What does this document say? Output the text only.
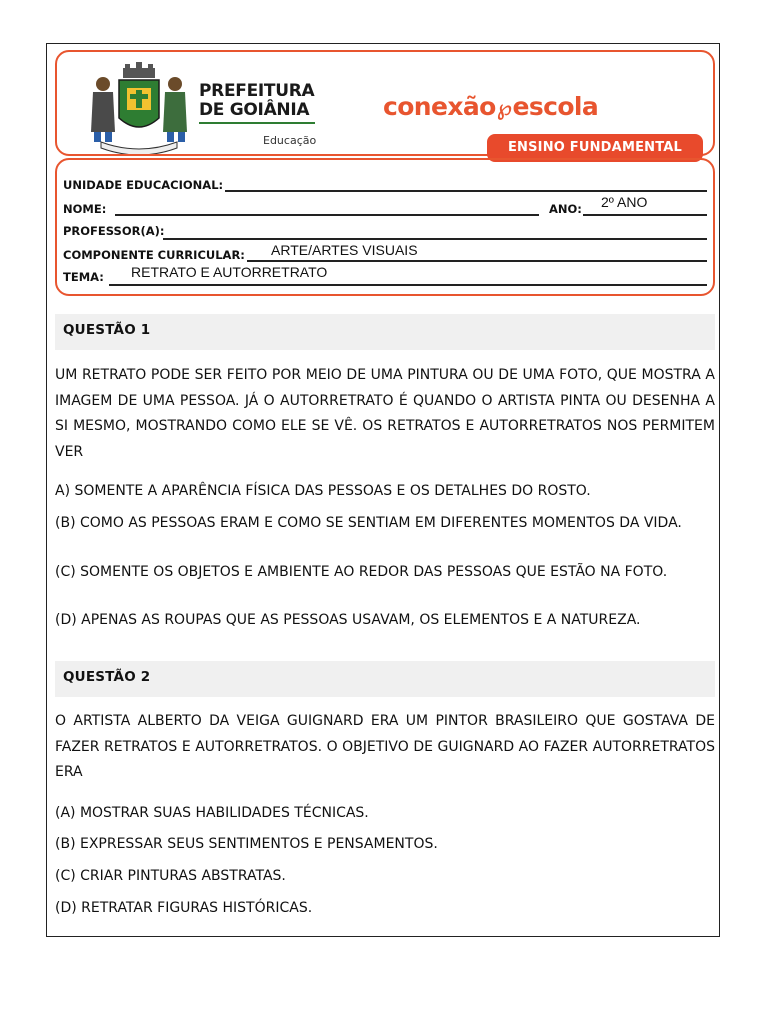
PREFEITURA
DE GOIÂNIA
Educação
conexão℘escola
ENSINO FUNDAMENTAL
UNIDADE EDUCACIONAL:
NOME:	ANO: 2º ANO
PROFESSOR(A):
COMPONENTE CURRICULAR: ARTE/ARTES VISUAIS
TEMA: RETRATO E AUTORRETRATO
QUESTÃO 1
UM RETRATO PODE SER FEITO POR MEIO DE UMA PINTURA OU DE UMA FOTO, QUE MOSTRA A IMAGEM DE UMA PESSOA. JÁ O AUTORRETRATO É QUANDO O ARTISTA PINTA OU DESENHA A SI MESMO, MOSTRANDO COMO ELE SE VÊ. OS RETRATOS E AUTORRETRATOS NOS PERMITEM VER
A) SOMENTE A APARÊNCIA FÍSICA DAS PESSOAS E OS DETALHES DO ROSTO.
(B) COMO AS PESSOAS ERAM E COMO SE SENTIAM EM DIFERENTES MOMENTOS DA VIDA.
(C) SOMENTE OS OBJETOS E AMBIENTE AO REDOR DAS PESSOAS QUE ESTÃO NA FOTO.
(D) APENAS AS ROUPAS QUE AS PESSOAS USAVAM, OS ELEMENTOS E A NATUREZA.
QUESTÃO 2
O ARTISTA ALBERTO DA VEIGA GUIGNARD ERA UM PINTOR BRASILEIRO QUE GOSTAVA DE FAZER RETRATOS E AUTORRETRATOS. O OBJETIVO DE GUIGNARD AO FAZER AUTORRETRATOS ERA
(A) MOSTRAR SUAS HABILIDADES TÉCNICAS.
(B) EXPRESSAR SEUS SENTIMENTOS E PENSAMENTOS.
(C) CRIAR PINTURAS ABSTRATAS.
(D) RETRATAR FIGURAS HISTÓRICAS.
